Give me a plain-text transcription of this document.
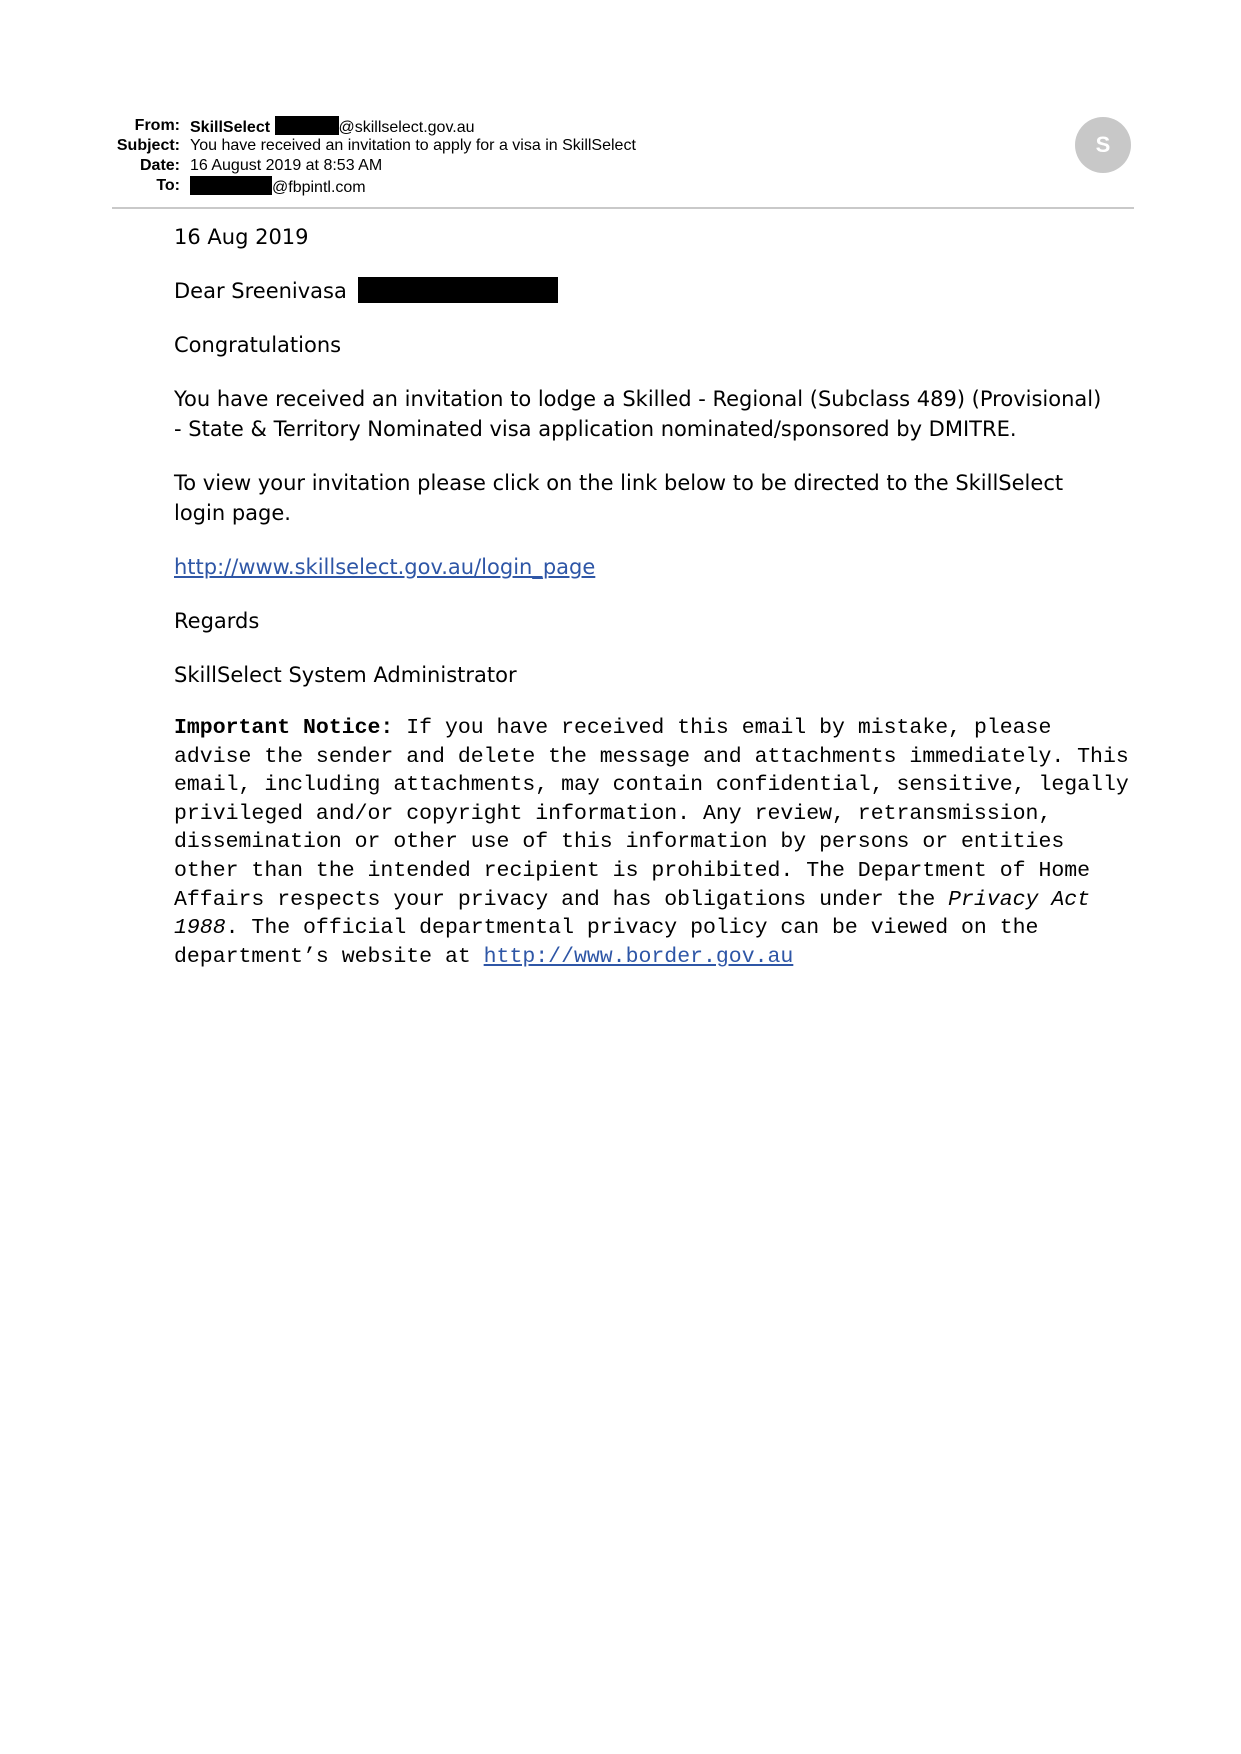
From: SkillSelect	@skillselect.gov.au
Subject: You have received an invitation to apply for a visa in SkillSelect
Date: 16 August 2019 at 8:53 AM
To:	@fbpintl.com
S

16 Aug 2019

Dear Sreenivasa

Congratulations

You have received an invitation to lodge a Skilled - Regional (Subclass 489) (Provisional) - State & Territory Nominated visa application nominated/sponsored by DMITRE.

To view your invitation please click on the link below to be directed to the SkillSelect login page.

http://www.skillselect.gov.au/login_page

Regards

SkillSelect System Administrator

Important Notice: If you have received this email by mistake, please advise the sender and delete the message and attachments immediately. This email, including attachments, may contain confidential, sensitive, legally privileged and/or copyright information. Any review, retransmission, dissemination or other use of this information by persons or entities other than the intended recipient is prohibited. The Department of Home Affairs respects your privacy and has obligations under the Privacy Act 1988. The official departmental privacy policy can be viewed on the department’s website at http://www.border.gov.au
